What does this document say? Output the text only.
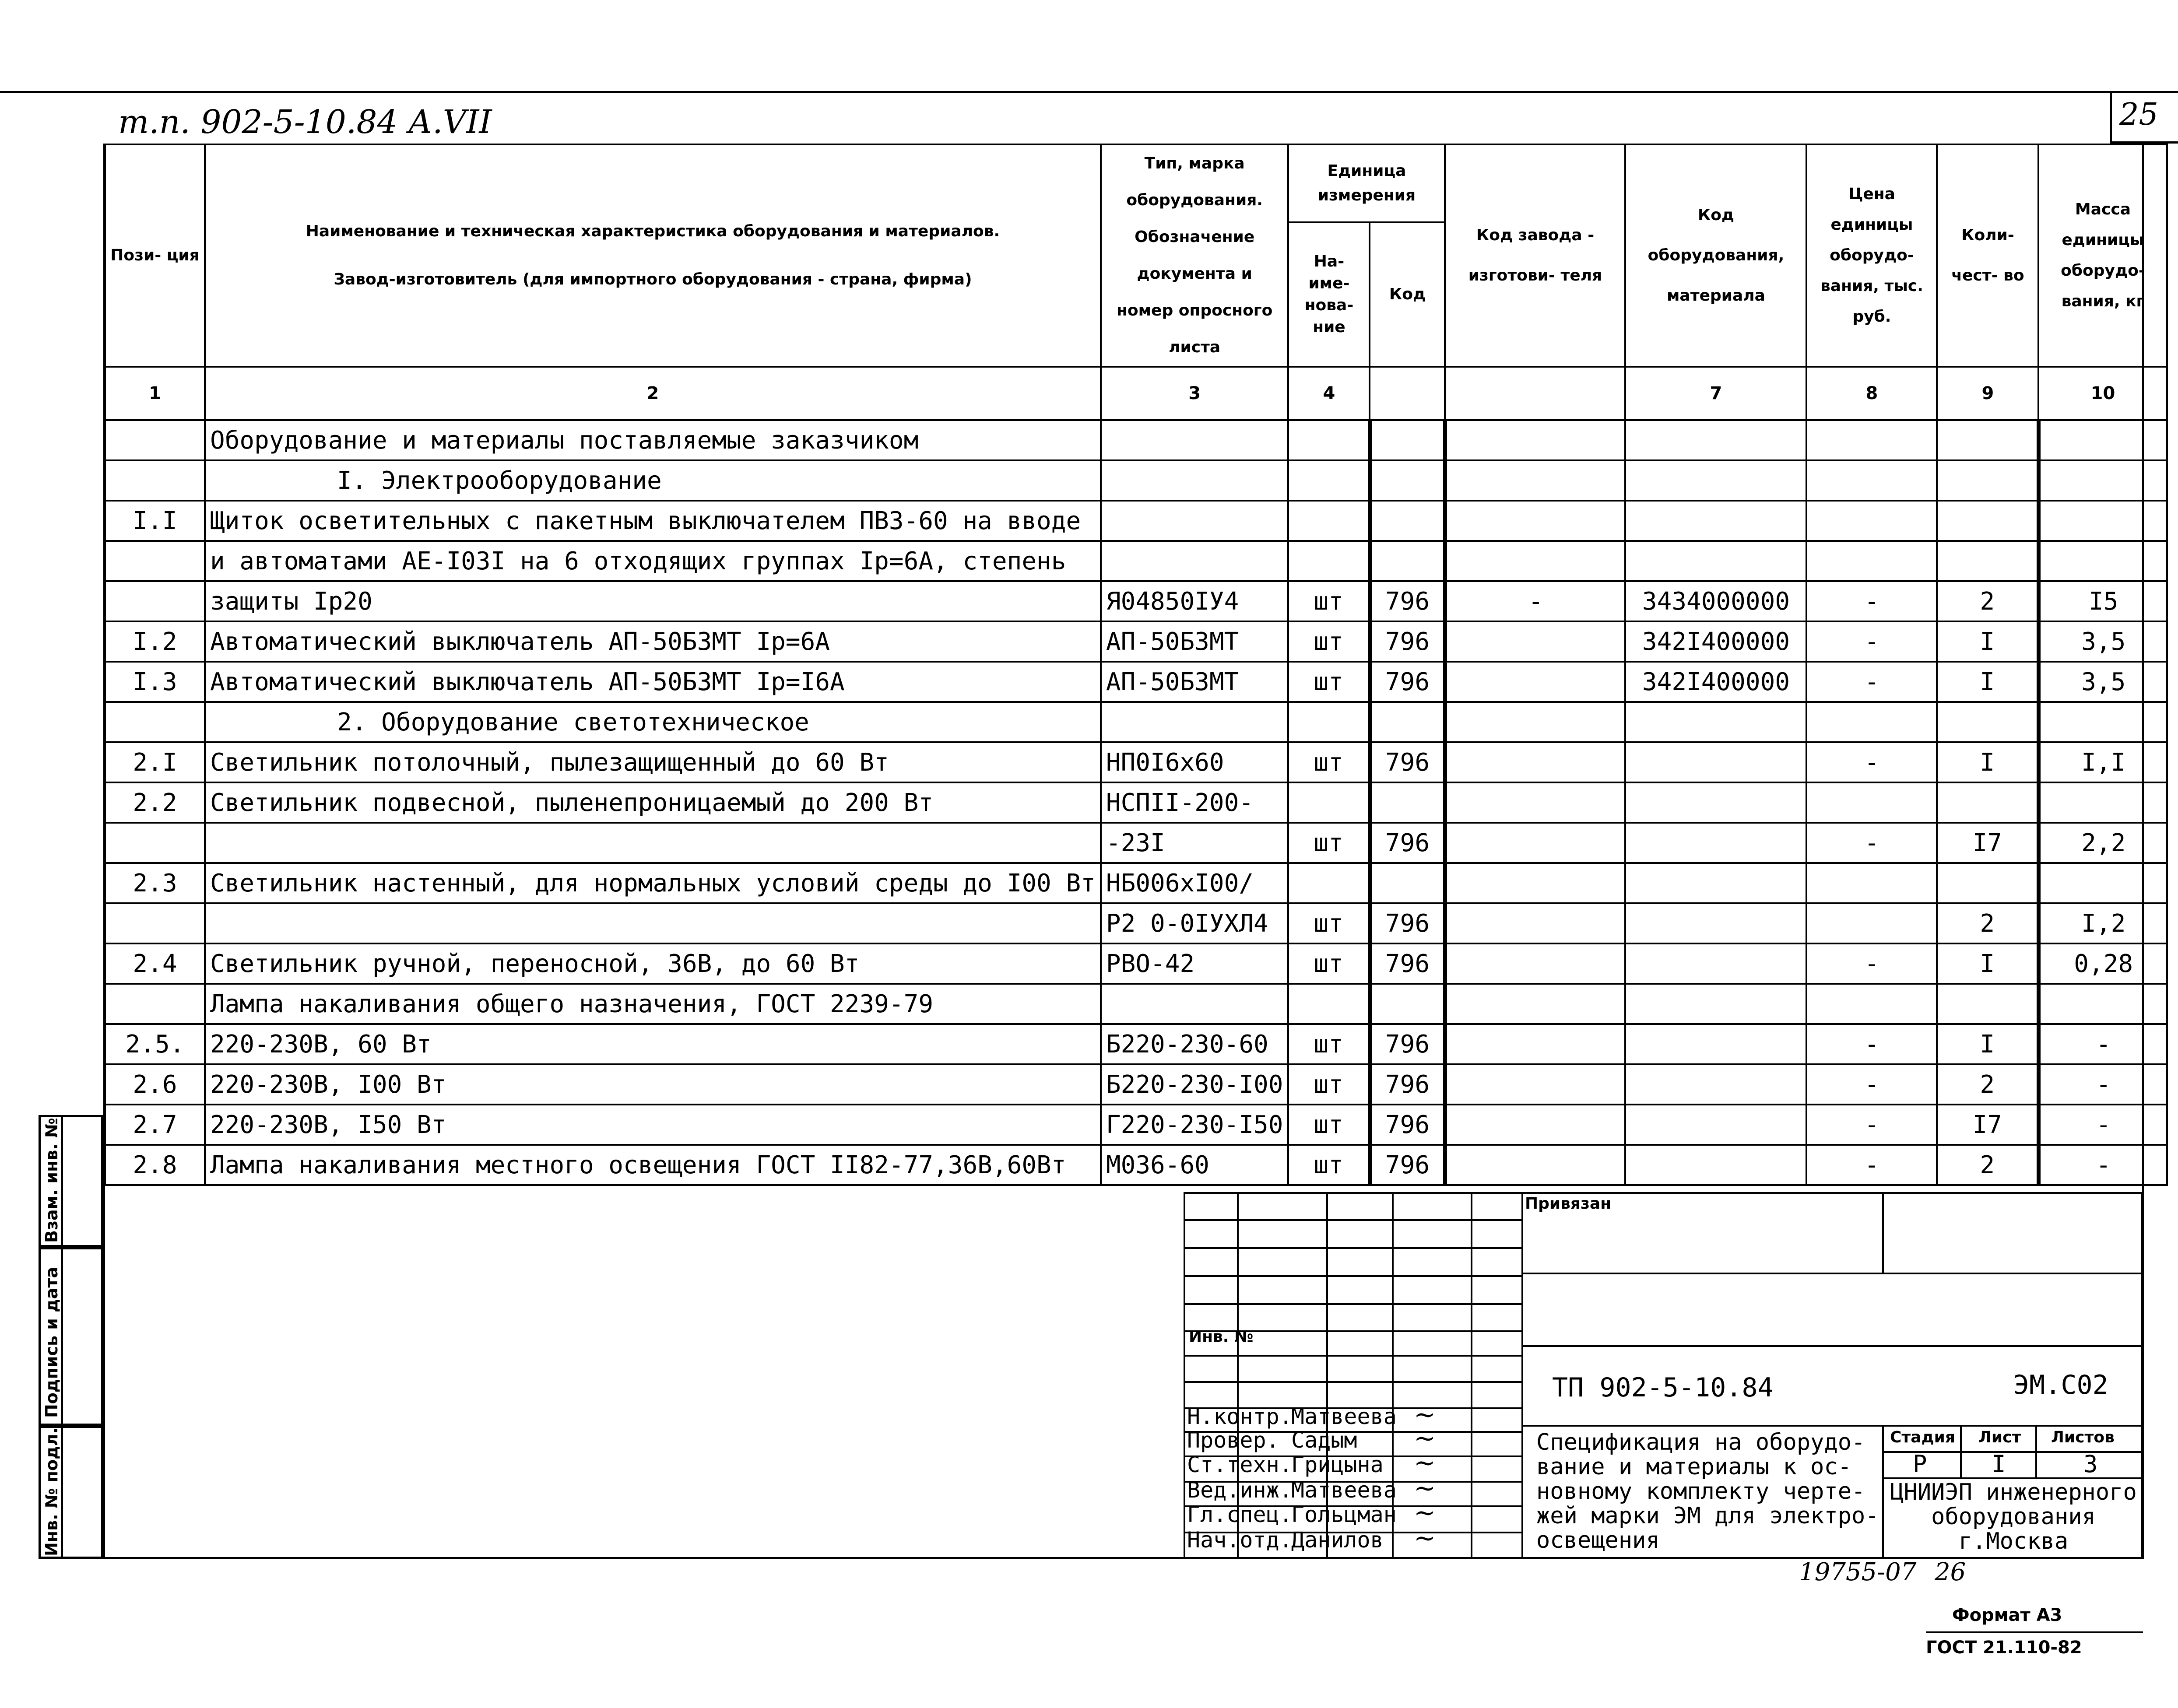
25
т.п. 902-5-10.84 А.VII
Пози- ция	Наименование и техническая характеристика оборудования и материалов.
Завод-изготовитель (для импортного оборудования - страна, фирма)	Тип, марка оборудования. Обозначение документа и номер опросного листа	Единица измерения		Код завода - изготови- теля	Код оборудования, материала	Цена единицы оборудо- вания, тыс. руб.	Коли- чест- во	Масса единицы оборудо- вания, кг
			На- име- нова- ние	Код					
1	2	3	4			7	8	9	10
	Оборудование и материалы поставляемые заказчиком								
	I. Электрооборудование								
I.I	Щиток осветительных с пакетным выключателем ПВЗ-60 на вводе								
	и автоматами АЕ-I03I на 6 отходящих группах Iр=6А, степень								
	защиты Iр20	Я04850IУ4	шт	796	-	3434000000	-	2	I5
I.2	Автоматический выключатель АП-50Б3МТ Iр=6А	АП-50Б3МТ	шт	796		342I400000	-	I	3,5
I.3	Автоматический выключатель АП-50Б3МТ Iр=I6А	АП-50Б3МТ	шт	796		342I400000	-	I	3,5
	2. Оборудование светотехническое								
2.I	Светильник потолочный, пылезащищенный до 60 Вт	НП0I6х60	шт	796			-	I	I,I
2.2	Светильник подвесной, пыленепроницаемый до 200 Вт	НСПII-200-							
		-23I	шт	796			-	I7	2,2
2.3	Светильник настенный, для нормальных условий среды до I00 Вт	НБ006хI00/							
		Р2 0-0IУХЛ4	шт	796				2	I,2
2.4	Светильник ручной, переносной, 36В, до 60 Вт	РВО-42	шт	796			-	I	0,28
	Лампа накаливания общего назначения, ГОСТ 2239-79								
2.5.	220-230В, 60 Вт	Б220-230-60	шт	796			-	I	-
2.6	220-230В, I00 Вт	Б220-230-I00	шт	796			-	2	-
2.7	220-230В, I50 Вт	Г220-230-I50	шт	796			-	I7	-
2.8	Лампа накаливания местного освещения ГОСТ II82-77,36В,60Вт	М036-60	шт	796			-	2	-
Взам. инв. №
Подпись и дата
Инв. № подл.
Инв. №
Н.контр.
Матвеева ~
Провер. Садым ~
Ст.техн.
Грицына ~
Вед.инж.
Матвеева ~
Гл.спец.
Гольцман ~
Нач.отд.
Данилов ~
Привязан
ТП 902-5-10.84	ЭМ.С02
Спецификация на оборудо-
вание и материалы к ос-
новному комплекту черте-
жей марки ЭМ для электро-
освещения
Стадия Лист Листов
Р	I	3
ЦНИИЭП инженерного
оборудования
г.Москва
19755-07 26
Формат А3
ГОСТ 21.110-82
